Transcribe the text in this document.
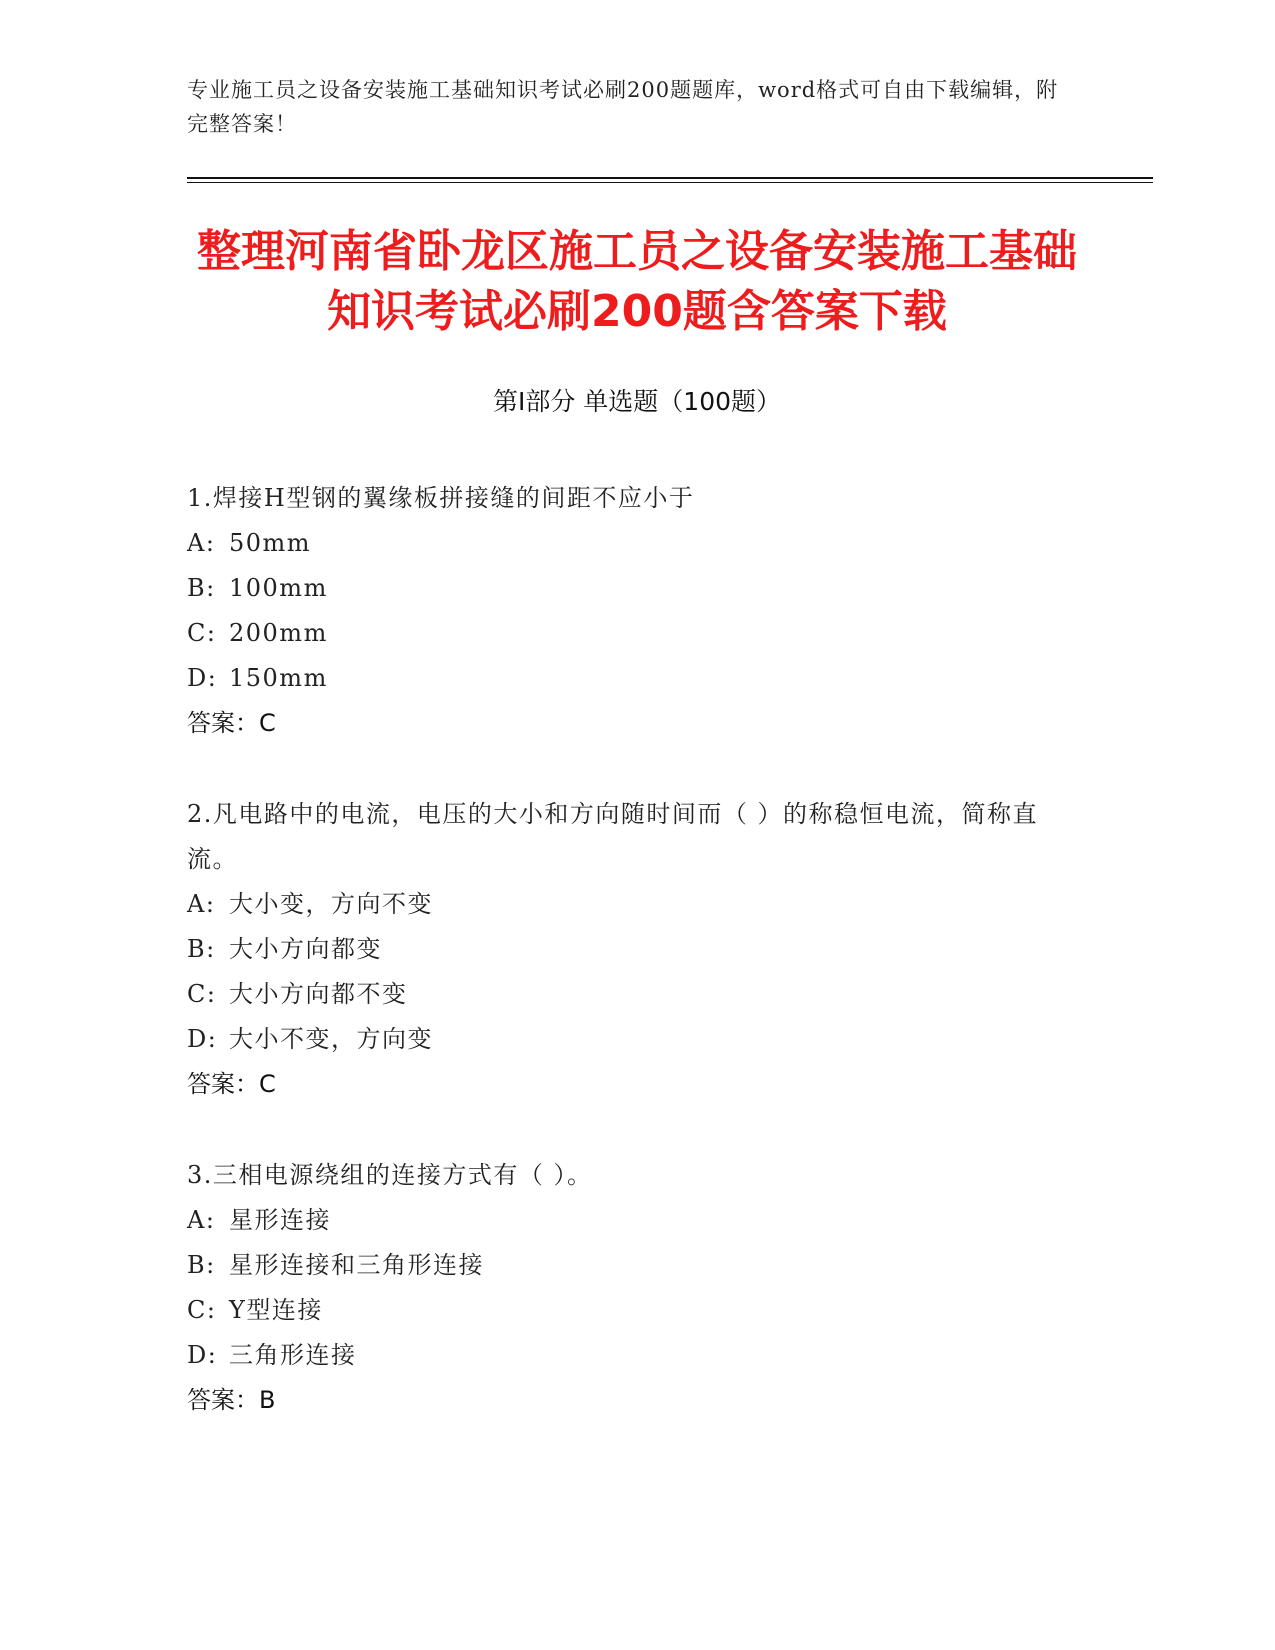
专业施工员之设备安装施工基础知识考试必刷200题题库，word格式可自由下载编辑，附完整答案！
整理河南省卧龙区施工员之设备安装施工基础知识考试必刷200题含答案下载
第Ⅰ部分 单选题（100题）
1.焊接H型钢的翼缘板拼接缝的间距不应小于
A: 50mm
B: 100mm
C: 200mm
D: 150mm
答案：C
2.凡电路中的电流，电压的大小和方向随时间而（ ）的称稳恒电流，简称直流。
A: 大小变，方向不变
B: 大小方向都变
C: 大小方向都不变
D: 大小不变，方向变
答案：C
3.三相电源绕组的连接方式有（ ）。
A: 星形连接
B: 星形连接和三角形连接
C: Y型连接
D: 三角形连接
答案：B
